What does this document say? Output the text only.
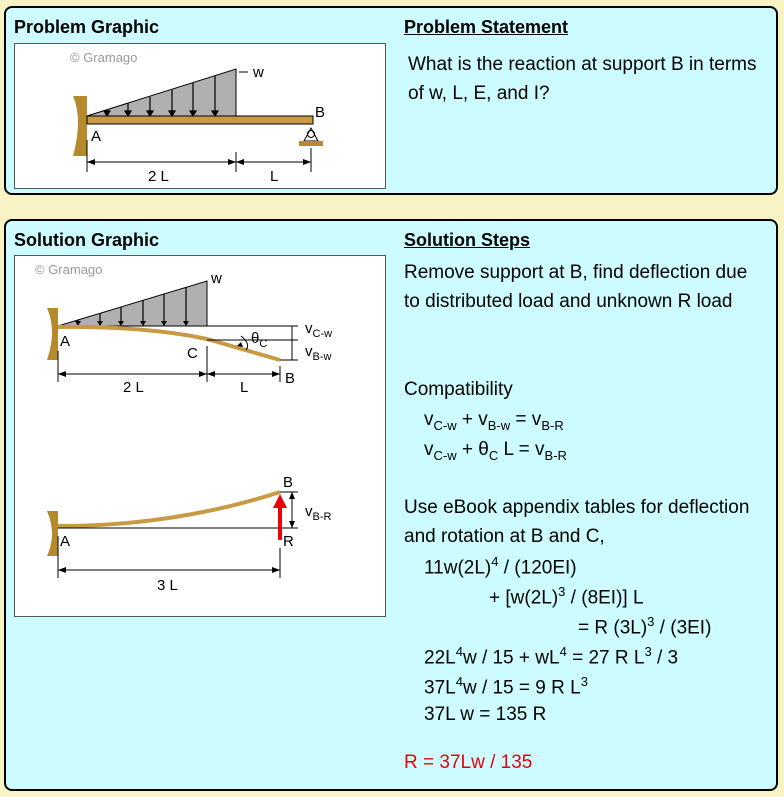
Problem Graphic	Problem Statement
© Gramago
w
A
B
2 L	L
What is the reaction at support B in terms of w, L, E, and I?
Solution Graphic	Solution Steps
© Gramago
w
$\theta_C$
$v_{C-w}$
$v_{B-w}$
A
C
B
2 L	L
B
R
A
$v_{B-R}$
3 L
Remove support at B, find deflection due to distributed load and unknown R load
Compatibility
$v_{C-w} + v_{B-w} = v_{B-R}$
$v_{C-w} + \theta_C$ $L = v_{B-R}$
Use eBook appendix tables for deflection and rotation at B and C,
$11w(2L)^4 / (120EI)$
+ $[w(2L)^3 / (8EI)]$ L
= R $(3L)^3 / (3EI)$
$22L^4w / 15 + wL^4 = 27$ R $L^3 / 3$
$37L^4w / 15 = 9$ R $L^3$
37L w = 135 R
R = 37Lw / 135
